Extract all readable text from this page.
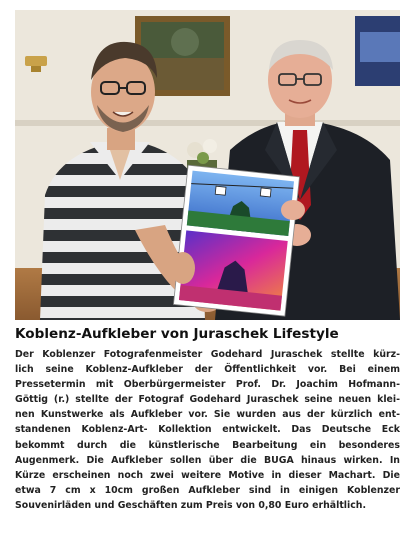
Koblenz-Aufkleber von Juraschek Lifestyle
Der Koblenzer Fotografenmeister Godehard Juraschek stellte kürz-
lich seine Koblenz-Aufkleber der Öffentlichkeit vor. Bei einem
Pressetermin mit Oberbürgermeister Prof. Dr. Joachim Hofmann-
Göttig (r.) stellte der Fotograf Godehard Juraschek seine neuen klei-
nen Kunstwerke als Aufkleber vor. Sie wurden aus der kürzlich ent-
standenen Koblenz-Art- Kollektion entwickelt. Das Deutsche Eck
bekommt durch die künstlerische Bearbeitung ein besonderes
Augenmerk. Die Aufkleber sollen über die BUGA hinaus wirken. In
Kürze erscheinen noch zwei weitere Motive in dieser Machart. Die
etwa 7 cm x 10cm großen Aufkleber sind in einigen Koblenzer
Souvenirläden und Geschäften zum Preis von 0,80 Euro erhältlich.
